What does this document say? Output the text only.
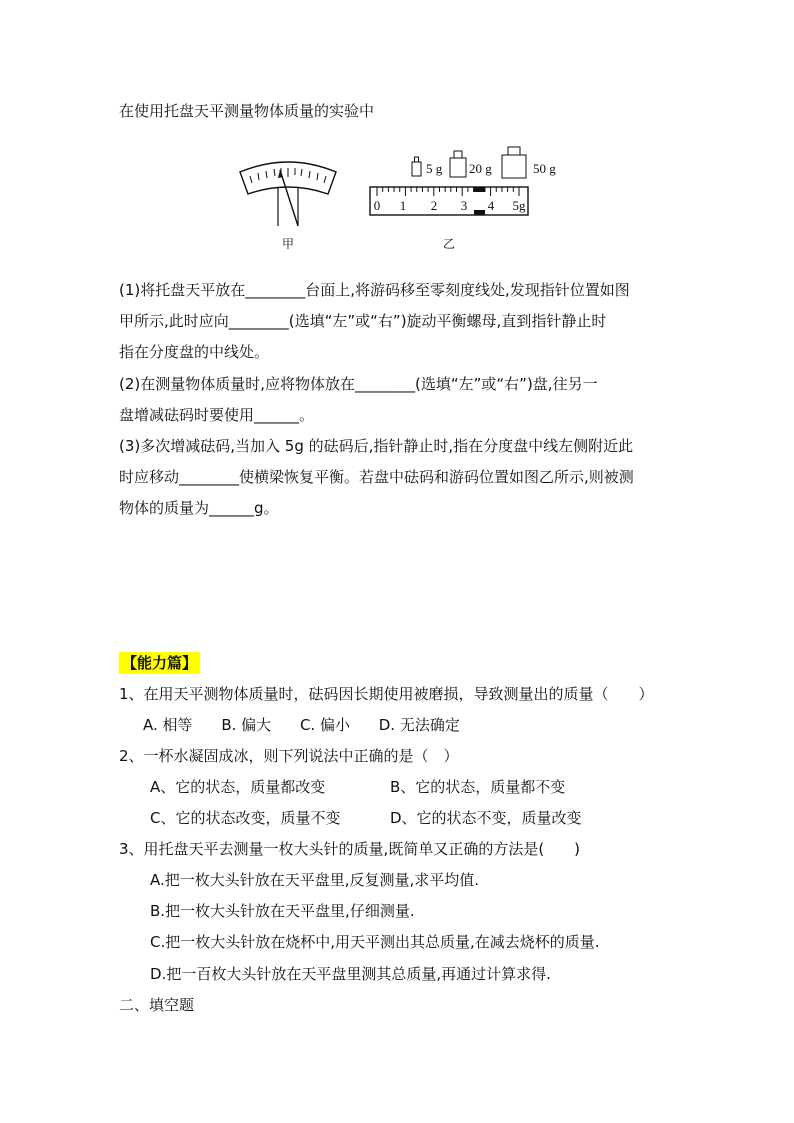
在使用托盘天平测量物体质量的实验中
甲
5 g 20 g	50 g
0 1 2 3 4 5g
乙
(1)将托盘天平放在________台面上,将游码移至零刻度线处,发现指针位置如图
甲所示,此时应向________(选填“左”或“右”)旋动平衡螺母,直到指针静止时
指在分度盘的中线处。
(2)在测量物体质量时,应将物体放在________(选填“左”或“右”)盘,往另一
盘增减砝码时要使用______。
(3)多次增减砝码,当加入 5g 的砝码后,指针静止时,指在分度盘中线左侧附近此
时应移动________使横梁恢复平衡。若盘中砝码和游码位置如图乙所示,则被测
物体的质量为______g。
【能力篇】
1、在用天平测物体质量时，砝码因长期使用被磨损，导致测量出的质量（　　）
A. 相等 B. 偏大 C. 偏小 D. 无法确定
2、一杯水凝固成冰，则下列说法中正确的是（　）
A、它的状态，质量都改变	B、它的状态，质量都不变
C、它的状态改变，质量不变	D、它的状态不变，质量改变
3、用托盘天平去测量一枚大头针的质量,既简单又正确的方法是(　　)
A.把一枚大头针放在天平盘里,反复测量,求平均值.
B.把一枚大头针放在天平盘里,仔细测量.
C.把一枚大头针放在烧杯中,用天平测出其总质量,在减去烧杯的质量.
D.把一百枚大头针放在天平盘里测其总质量,再通过计算求得.
二、填空题
